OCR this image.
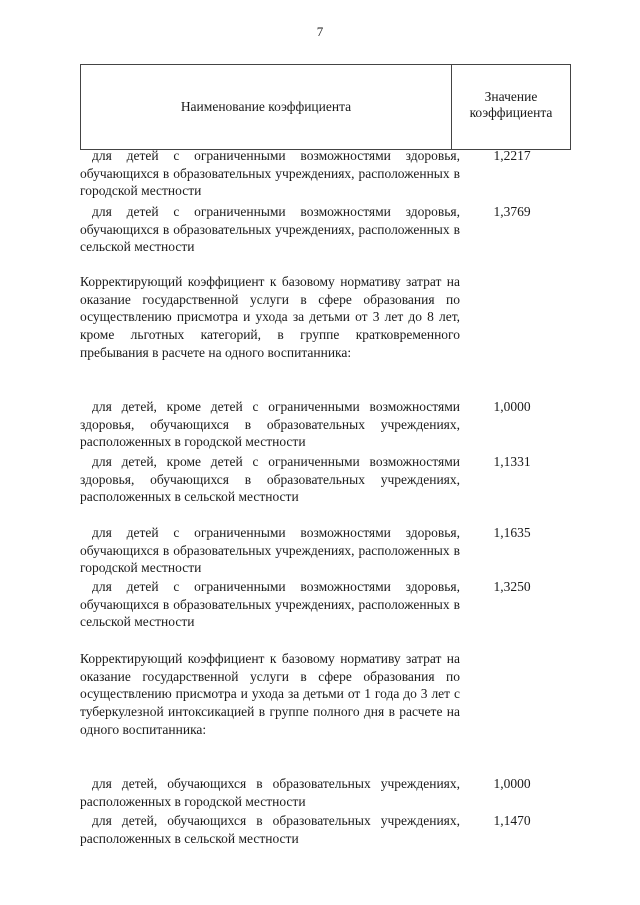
7
Наименование коэффициента
Значение
коэффициента
для детей с ограниченными возможностями здоровья, обучающихся в образовательных учреждениях, расположенных в городской местности
1,2217
для детей с ограниченными возможностями здоровья, обучающихся в образовательных учреждениях, расположенных в сельской местности
1,3769
Корректирующий коэффициент к базовому нормативу затрат на оказание государственной услуги в сфере образования по осуществлению присмотра и ухода за детьми от 3 лет до 8 лет, кроме льготных категорий, в группе кратковременного пребывания в расчете на одного воспитанника:
для детей, кроме детей с ограниченными возможностями здоровья, обучающихся в образовательных учреждениях, расположенных в городской местности
1,0000
для детей, кроме детей с ограниченными возможностями здоровья, обучающихся в образовательных учреждениях, расположенных в сельской местности
1,1331
для детей с ограниченными возможностями здоровья, обучающихся в образовательных учреждениях, расположенных в городской местности
1,1635
для детей с ограниченными возможностями здоровья, обучающихся в образовательных учреждениях, расположенных в сельской местности
1,3250
Корректирующий коэффициент к базовому нормативу затрат на оказание государственной услуги в сфере образования по осуществлению присмотра и ухода за детьми от 1 года до 3 лет с туберкулезной интоксикацией в группе полного дня в расчете на одного воспитанника:
для детей, обучающихся в образовательных учреждениях, расположенных в городской местности
1,0000
для детей, обучающихся в образовательных учреждениях, расположенных в сельской местности
1,1470
